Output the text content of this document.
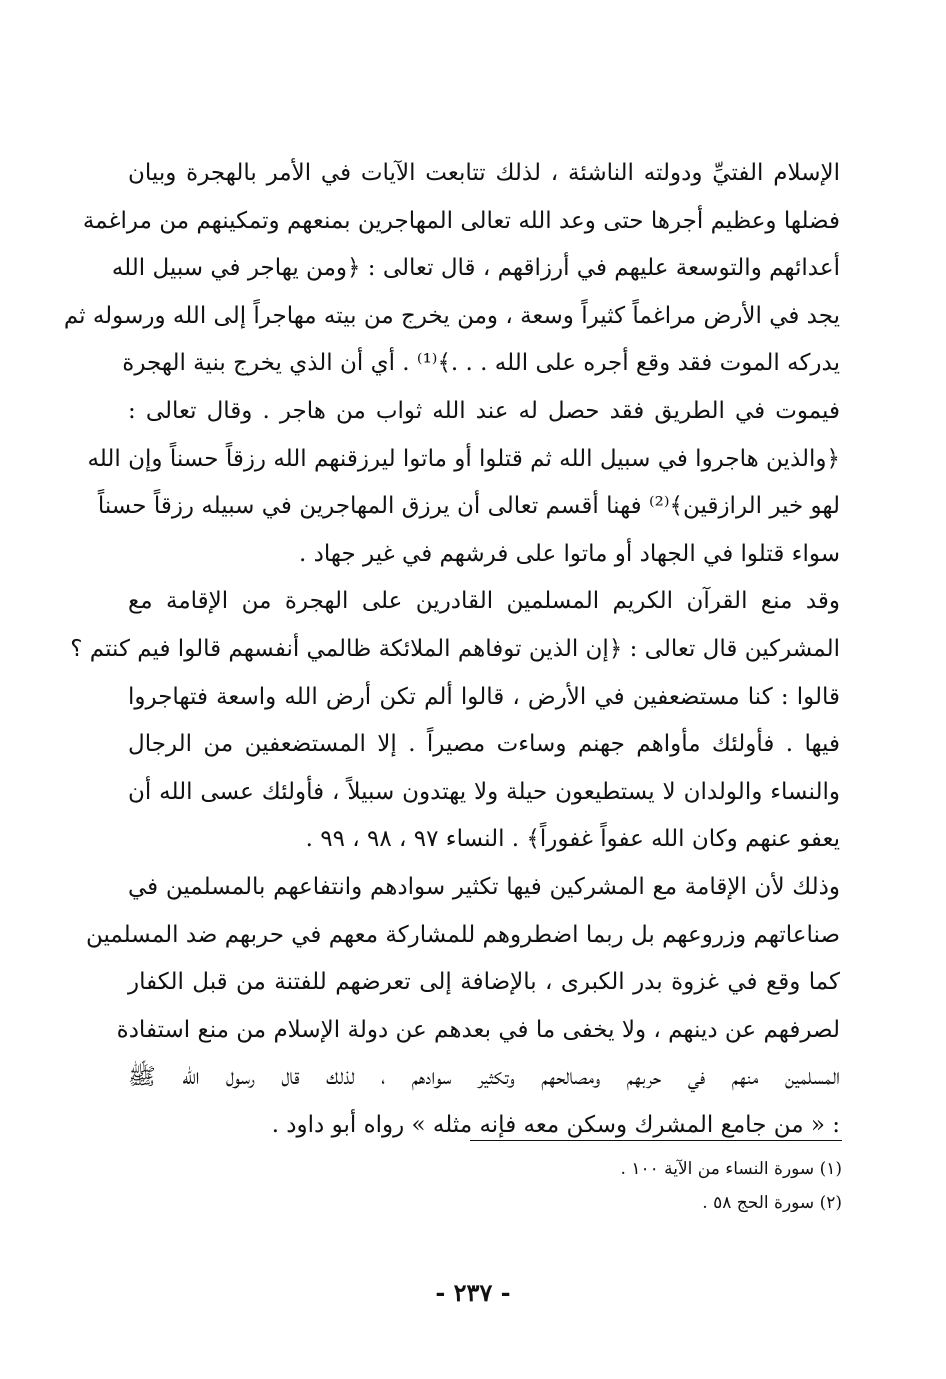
الإسلام الفتيِّ ودولته الناشئة ، لذلك تتابعت الآيات في الأمر بالهجرة وبيان
فضلها وعظيم أجرها حتى وعد الله تعالى المهاجرين بمنعهم وتمكينهم من مراغمة
أعدائهم والتوسعة عليهم في أرزاقهم ، قال تعالى : ﴿ومن يهاجر في سبيل الله
يجد في الأرض مراغماً كثيراً وسعة ، ومن يخرج من بيته مهاجراً إلى الله ورسوله ثم
يدركه الموت فقد وقع أجره على الله . . .﴾⁽¹⁾ . أي أن الذي يخرج بنية الهجرة
فيموت في الطريق فقد حصل له عند الله ثواب من هاجر . وقال تعالى :
﴿والذين هاجروا في سبيل الله ثم قتلوا أو ماتوا ليرزقنهم الله رزقاً حسناً وإن الله
لهو خير الرازقين﴾⁽²⁾ فهنا أقسم تعالى أن يرزق المهاجرين في سبيله رزقاً حسناً
سواء قتلوا في الجهاد أو ماتوا على فرشهم في غير جهاد .
وقد منع القرآن الكريم المسلمين القادرين على الهجرة من الإقامة مع
المشركين قال تعالى : ﴿إن الذين توفاهم الملائكة ظالمي أنفسهم قالوا فيم كنتم ؟
قالوا : كنا مستضعفين في الأرض ، قالوا ألم تكن أرض الله واسعة فتهاجروا
فيها . فأولئك مأواهم جهنم وساءت مصيراً . إلا المستضعفين من الرجال
والنساء والولدان لا يستطيعون حيلة ولا يهتدون سبيلاً ، فأولئك عسى الله أن
يعفو عنهم وكان الله عفواً غفوراً﴾ . النساء ٩٧ ، ٩٨ ، ٩٩ .
وذلك لأن الإقامة مع المشركين فيها تكثير سوادهم وانتفاعهم بالمسلمين في
صناعاتهم وزروعهم بل ربما اضطروهم للمشاركة معهم في حربهم ضد المسلمين
كما وقع في غزوة بدر الكبرى ، بالإضافة إلى تعرضهم للفتنة من قبل الكفار
لصرفهم عن دينهم ، ولا يخفى ما في بعدهم عن دولة الإسلام من منع استفادة
المسلمين منهم في حربهم ومصالحهم وتكثير سوادهم ، لذلك قال رسول الله ﷺ
: « من جامع المشرك وسكن معه فإنه مثله » رواه أبو داود .
(١) سورة النساء من الآية ١٠٠ .
(٢) سورة الحج ٥٨ .
- ٢٣٧ -
